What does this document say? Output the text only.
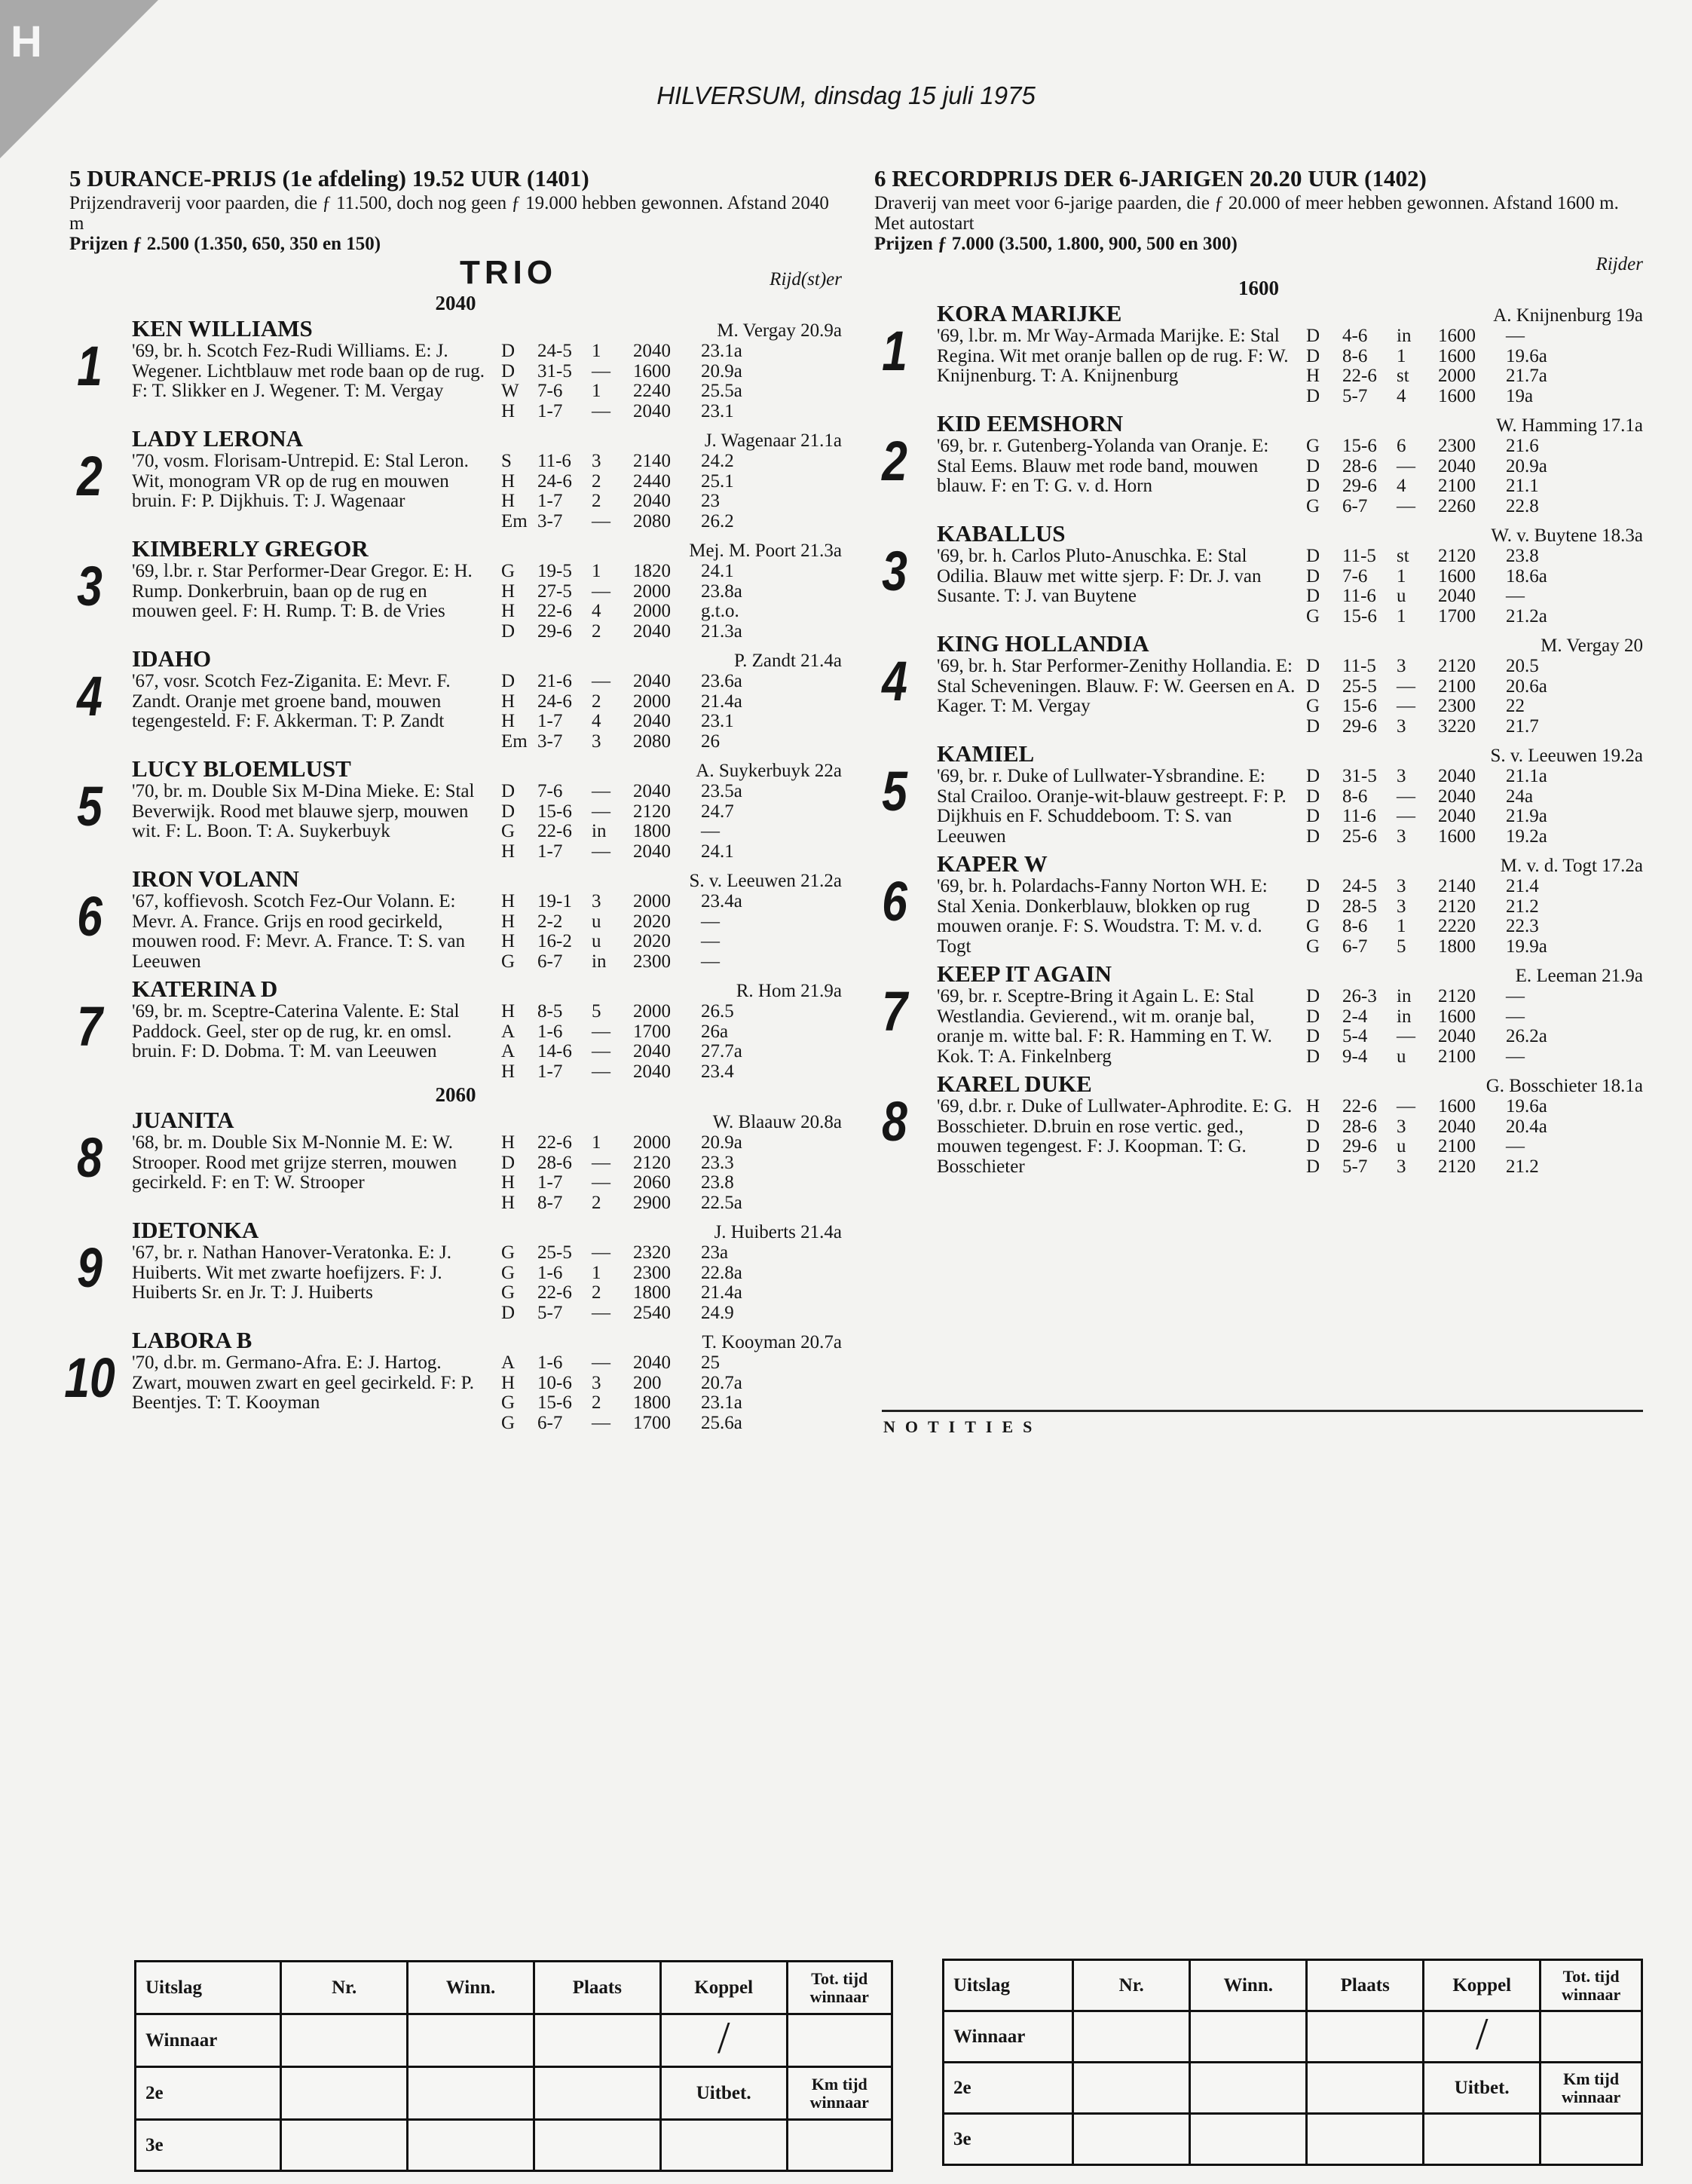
H
HILVERSUM, dinsdag 15 juli 1975
5 DURANCE-PRIJS (1e afdeling) 19.52 UUR (1401)
Prijzendraverij voor paarden, die ƒ 11.500, doch nog geen ƒ 19.000 hebben gewonnen. Afstand 2040 m
Prijzen ƒ 2.500 (1.350, 650, 350 en 150)
TRIO	Rijd(st)er
2040
1
KEN WILLIAMS	M. Vergay 20.9a
'69, br. h. Scotch Fez-Rudi Williams. E: J. Wegener. Lichtblauw met rode baan op de rug. F: T. Slikker en J. Wegener. T: M. Vergay
D	24-5	1	2040	23.1a
D	31-5	—	1600	20.9a
W 7-6	1	2240	25.5a
H	1-7	—	2040	23.1
2
LADY LERONA	J. Wagenaar 21.1a
'70, vosm. Florisam-Untrepid. E: Stal Leron. Wit, monogram VR op de rug en mouwen bruin. F: P. Dijkhuis. T: J. Wagenaar
S	11-6	3	2140	24.2
H	24-6	2	2440	25.1
H	1-7	2	2040	23
Em 3-7	—	2080	26.2
3
KIMBERLY GREGOR	Mej. M. Poort 21.3a
'69, l.br. r. Star Performer-Dear Gregor. E: H. Rump. Donkerbruin, baan op de rug en mouwen geel. F: H. Rump. T: B. de Vries
G	19-5	1	1820	24.1
H	27-5	—	2000	23.8a
H	22-6	4	2000	g.t.o.
D	29-6	2	2040	21.3a
4
IDAHO	P. Zandt 21.4a
'67, vosr. Scotch Fez-Ziganita. E: Mevr. F. Zandt. Oranje met groene band, mouwen tegengesteld. F: F. Akkerman. T: P. Zandt
D	21-6	—	2040	23.6a
H	24-6	2	2000	21.4a
H	1-7	4	2040	23.1
Em 3-7	3	2080	26
5
LUCY BLOEMLUST	A. Suykerbuyk 22a
'70, br. m. Double Six M-Dina Mieke. E: Stal Beverwijk. Rood met blauwe sjerp, mouwen wit. F: L. Boon. T: A. Suykerbuyk
D	7-6	—	2040	23.5a
D	15-6	—	2120	24.7
G	22-6	in	1800	—
H	1-7	—	2040	24.1
6
IRON VOLANN	S. v. Leeuwen 21.2a
'67, koffievosh. Scotch Fez-Our Volann. E: Mevr. A. France. Grijs en rood gecirkeld, mouwen rood. F: Mevr. A. France. T: S. van Leeuwen
H	19-1	3	2000	23.4a
H	2-2	u	2020	—
H	16-2	u	2020	—
G	6-7	in	2300	—
7
KATERINA D	R. Hom 21.9a
'69, br. m. Sceptre-Caterina Valente. E: Stal Paddock. Geel, ster op de rug, kr. en omsl. bruin. F: D. Dobma. T: M. van Leeuwen
H	8-5	5	2000	26.5
A	1-6	—	1700	26a
A	14-6	—	2040	27.7a
H	1-7	—	2040	23.4
2060
8
JUANITA	W. Blaauw 20.8a
'68, br. m. Double Six M-Nonnie M. E: W. Strooper. Rood met grijze sterren, mouwen gecirkeld. F: en T: W. Strooper
H	22-6	1	2000	20.9a
D	28-6	—	2120	23.3
H	1-7	—	2060	23.8
H	8-7	2	2900	22.5a
9
IDETONKA	J. Huiberts 21.4a
'67, br. r. Nathan Hanover-Veratonka. E: J. Huiberts. Wit met zwarte hoefijzers. F: J. Huiberts Sr. en Jr. T: J. Huiberts
G	25-5	—	2320	23a
G	1-6	1	2300	22.8a
G	22-6	2	1800	21.4a
D	5-7	—	2540	24.9
10
LABORA B	T. Kooyman 20.7a
'70, d.br. m. Germano-Afra. E: J. Hartog. Zwart, mouwen zwart en geel gecirkeld. F: P. Beentjes. T: T. Kooyman
A	1-6	—	2040	25
H	10-6	3	200	20.7a
G	15-6	2	1800	23.1a
G	6-7	—	1700	25.6a
6 RECORDPRIJS DER 6-JARIGEN 20.20 UUR (1402)
Draverij van meet voor 6-jarige paarden, die ƒ 20.000 of meer hebben gewonnen. Afstand 1600 m. Met autostart
Prijzen ƒ 7.000 (3.500, 1.800, 900, 500 en 300)
Rijder
1600
1
KORA MARIJKE	A. Knijnenburg 19a
'69, l.br. m. Mr Way-Armada Marijke. E: Stal Regina. Wit met oranje ballen op de rug. F: W. Knijnenburg. T: A. Knijnenburg
D	4-6	in	1600	—
D	8-6	1	1600	19.6a
H	22-6	st	2000	21.7a
D	5-7	4	1600	19a
2
KID EEMSHORN	W. Hamming 17.1a
'69, br. r. Gutenberg-Yolanda van Oranje. E: Stal Eems. Blauw met rode band, mouwen blauw. F: en T: G. v. d. Horn
G	15-6	6	2300	21.6
D	28-6	—	2040	20.9a
D	29-6	4	2100	21.1
G	6-7	—	2260	22.8
3
KABALLUS	W. v. Buytene 18.3a
'69, br. h. Carlos Pluto-Anuschka. E: Stal Odilia. Blauw met witte sjerp. F: Dr. J. van Susante. T: J. van Buytene
D	11-5	st	2120	23.8
D	7-6	1	1600	18.6a
D	11-6	u	2040	—
G	15-6	1	1700	21.2a
4
KING HOLLANDIA	M. Vergay 20
'69, br. h. Star Performer-Zenithy Hollandia. E: Stal Scheveningen. Blauw. F: W. Geersen en A. Kager. T: M. Vergay
D	11-5	3	2120	20.5
D	25-5	—	2100	20.6a
G	15-6	—	2300	22
D	29-6	3	3220	21.7
5
KAMIEL	S. v. Leeuwen 19.2a
'69, br. r. Duke of Lullwater-Ysbrandine. E: Stal Crailoo. Oranje-wit-blauw gestreept. F: P. Dijkhuis en F. Schuddeboom. T: S. van Leeuwen
D	31-5	3	2040	21.1a
D	8-6	—	2040	24a
D	11-6	—	2040	21.9a
D	25-6	3	1600	19.2a
6
KAPER W	M. v. d. Togt 17.2a
'69, br. h. Polardachs-Fanny Norton WH. E: Stal Xenia. Donkerblauw, blokken op rug mouwen oranje. F: S. Woudstra. T: M. v. d. Togt
D	24-5	3	2140	21.4
D	28-5	3	2120	21.2
G	8-6	1	2220	22.3
G	6-7	5	1800	19.9a
7
KEEP IT AGAIN	E. Leeman 21.9a
'69, br. r. Sceptre-Bring it Again L. E: Stal Westlandia. Gevierend., wit m. oranje bal, oranje m. witte bal. F: R. Hamming en T. W. Kok. T: A. Finkelnberg
D	26-3	in	2120	—
D	2-4	in	1600	—
D	5-4	—	2040	26.2a
D	9-4	u	2100	—
8
KAREL DUKE	G. Bosschieter 18.1a
'69, d.br. r. Duke of Lullwater-Aphrodite. E: G. Bosschieter. D.bruin en rose vertic. ged., mouwen tegengest. F: J. Koopman. T: G. Bosschieter
H	22-6	—	1600	19.6a
D	28-6	3	2040	20.4a
D	29-6	u	2100	—
D	5-7	3	2120	21.2
NOTITIES
Uitslag	Nr.	Winn.	Plaats	Koppel	Tot. tijd winnaar
Winnaar				/	
2e				Uitbet.	Km tijd winnaar
3e					
Uitslag	Nr.	Winn.	Plaats	Koppel	Tot. tijd winnaar
Winnaar				/	
2e				Uitbet.	Km tijd winnaar
3e					
